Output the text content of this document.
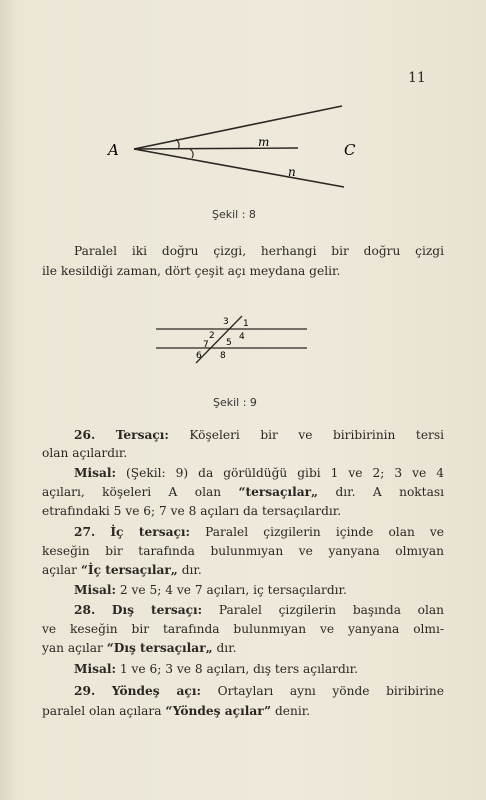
11
A	m	C
n
3 1
2	4
7 5
6 8
Şekil : 8
Paralel iki doğru çizgi, herhangi bir doğru çizgi
ile kesildiği zaman, dört çeşit açı meydana gelir.
Şekil : 9
26. Tersaçı: Köşeleri bir ve biribirinin tersi
olan açılardır.
Misal: (Şekil: 9) da görüldüğü gibi 1 ve 2; 3 ve 4
açıları, köşeleri A olan “tersaçılar„ dır. A noktası
etrafındaki 5 ve 6; 7 ve 8 açıları da tersaçılardır.
27. İç tersaçı: Paralel çizgilerin içinde olan ve
keseğin bir tarafında bulunmıyan ve yanyana olmıyan
açılar “İç tersaçılar„ dır.
Misal: 2 ve 5; 4 ve 7 açıları, iç tersaçılardır.
28. Dış tersaçı: Paralel çizgilerin başında olan
ve keseğin bir tarafında bulunmıyan ve yanyana olmı-
yan açılar “Dış tersaçılar„ dır.
Misal: 1 ve 6; 3 ve 8 açıları, dış ters açılardır.
29. Yöndeş açı: Ortayları aynı yönde biribirine
paralel olan açılara “Yöndeş açılar” denir.
